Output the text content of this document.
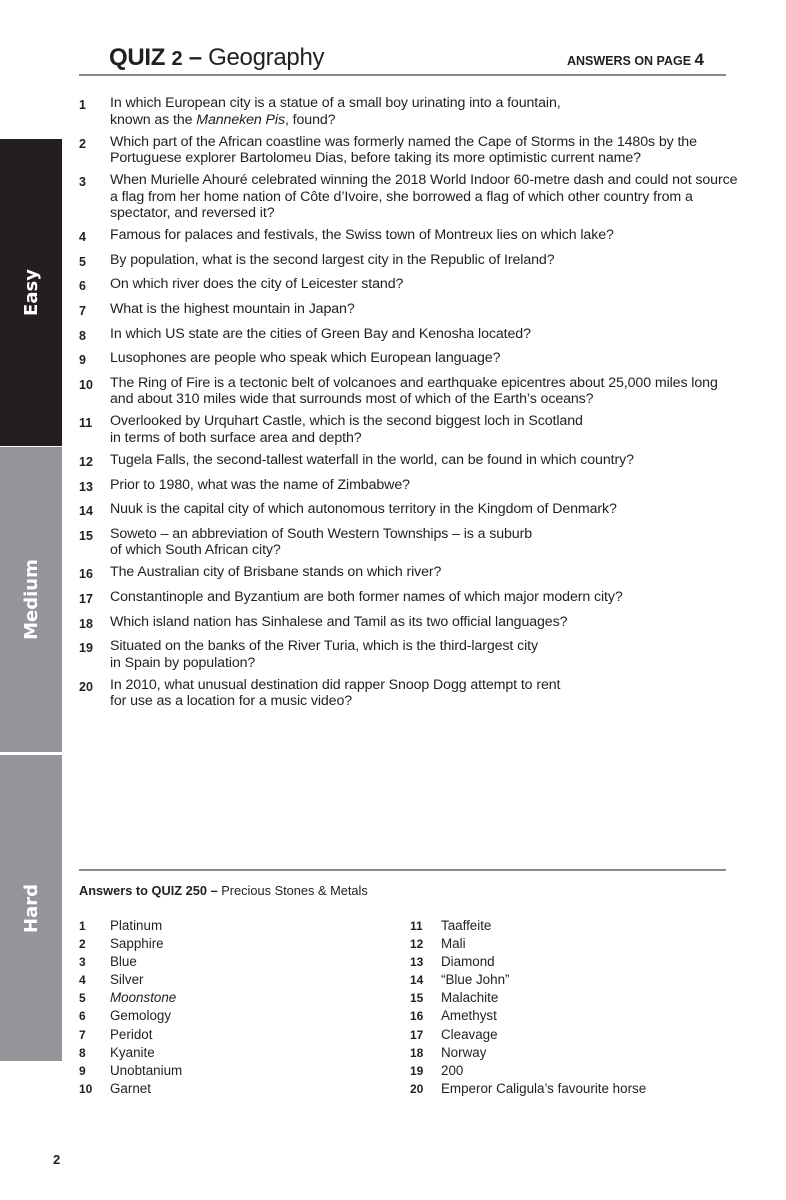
Easy
Medium
Hard
QUIZ 2 – Geography	ANSWERS ON PAGE 4
1	In which European city is a statue of a small boy urinating into a fountain,
known as the Manneken Pis, found?
2	Which part of the African coastline was formerly named the Cape of Storms in the 1480s by the Portuguese explorer Bartolomeu Dias, before taking its more optimistic current name?
3	When Murielle Ahouré celebrated winning the 2018 World Indoor 60-metre dash and could not source a flag from her home nation of Côte d’Ivoire, she borrowed a flag of which other country from a spectator, and reversed it?
4	Famous for palaces and festivals, the Swiss town of Montreux lies on which lake?
5	By population, what is the second largest city in the Republic of Ireland?
6	On which river does the city of Leicester stand?
7	What is the highest mountain in Japan?
8	In which US state are the cities of Green Bay and Kenosha located?
9	Lusophones are people who speak which European language?
10	The Ring of Fire is a tectonic belt of volcanoes and earthquake epicentres about 25,000 miles long and about 310 miles wide that surrounds most of which of the Earth’s oceans?
11	Overlooked by Urquhart Castle, which is the second biggest loch in Scotland
in terms of both surface area and depth?
12	Tugela Falls, the second-tallest waterfall in the world, can be found in which country?
13	Prior to 1980, what was the name of Zimbabwe?
14	Nuuk is the capital city of which autonomous territory in the Kingdom of Denmark?
15	Soweto – an abbreviation of South Western Townships – is a suburb
of which South African city?
16	The Australian city of Brisbane stands on which river?
17	Constantinople and Byzantium are both former names of which major modern city?
18	Which island nation has Sinhalese and Tamil as its two official languages?
19	Situated on the banks of the River Turia, which is the third-largest city
in Spain by population?
20	In 2010, what unusual destination did rapper Snoop Dogg attempt to rent
for use as a location for a music video?
Answers to QUIZ 250 – Precious Stones & Metals
1	Platinum
2	Sapphire
3	Blue
4	Silver
5	Moonstone
6	Gemology
7	Peridot
8	Kyanite
9	Unobtanium
10	Garnet
11	Taaffeite
12	Mali
13	Diamond
14	“Blue John”
15	Malachite
16	Amethyst
17	Cleavage
18	Norway
19	200
20	Emperor Caligula’s favourite horse
2
